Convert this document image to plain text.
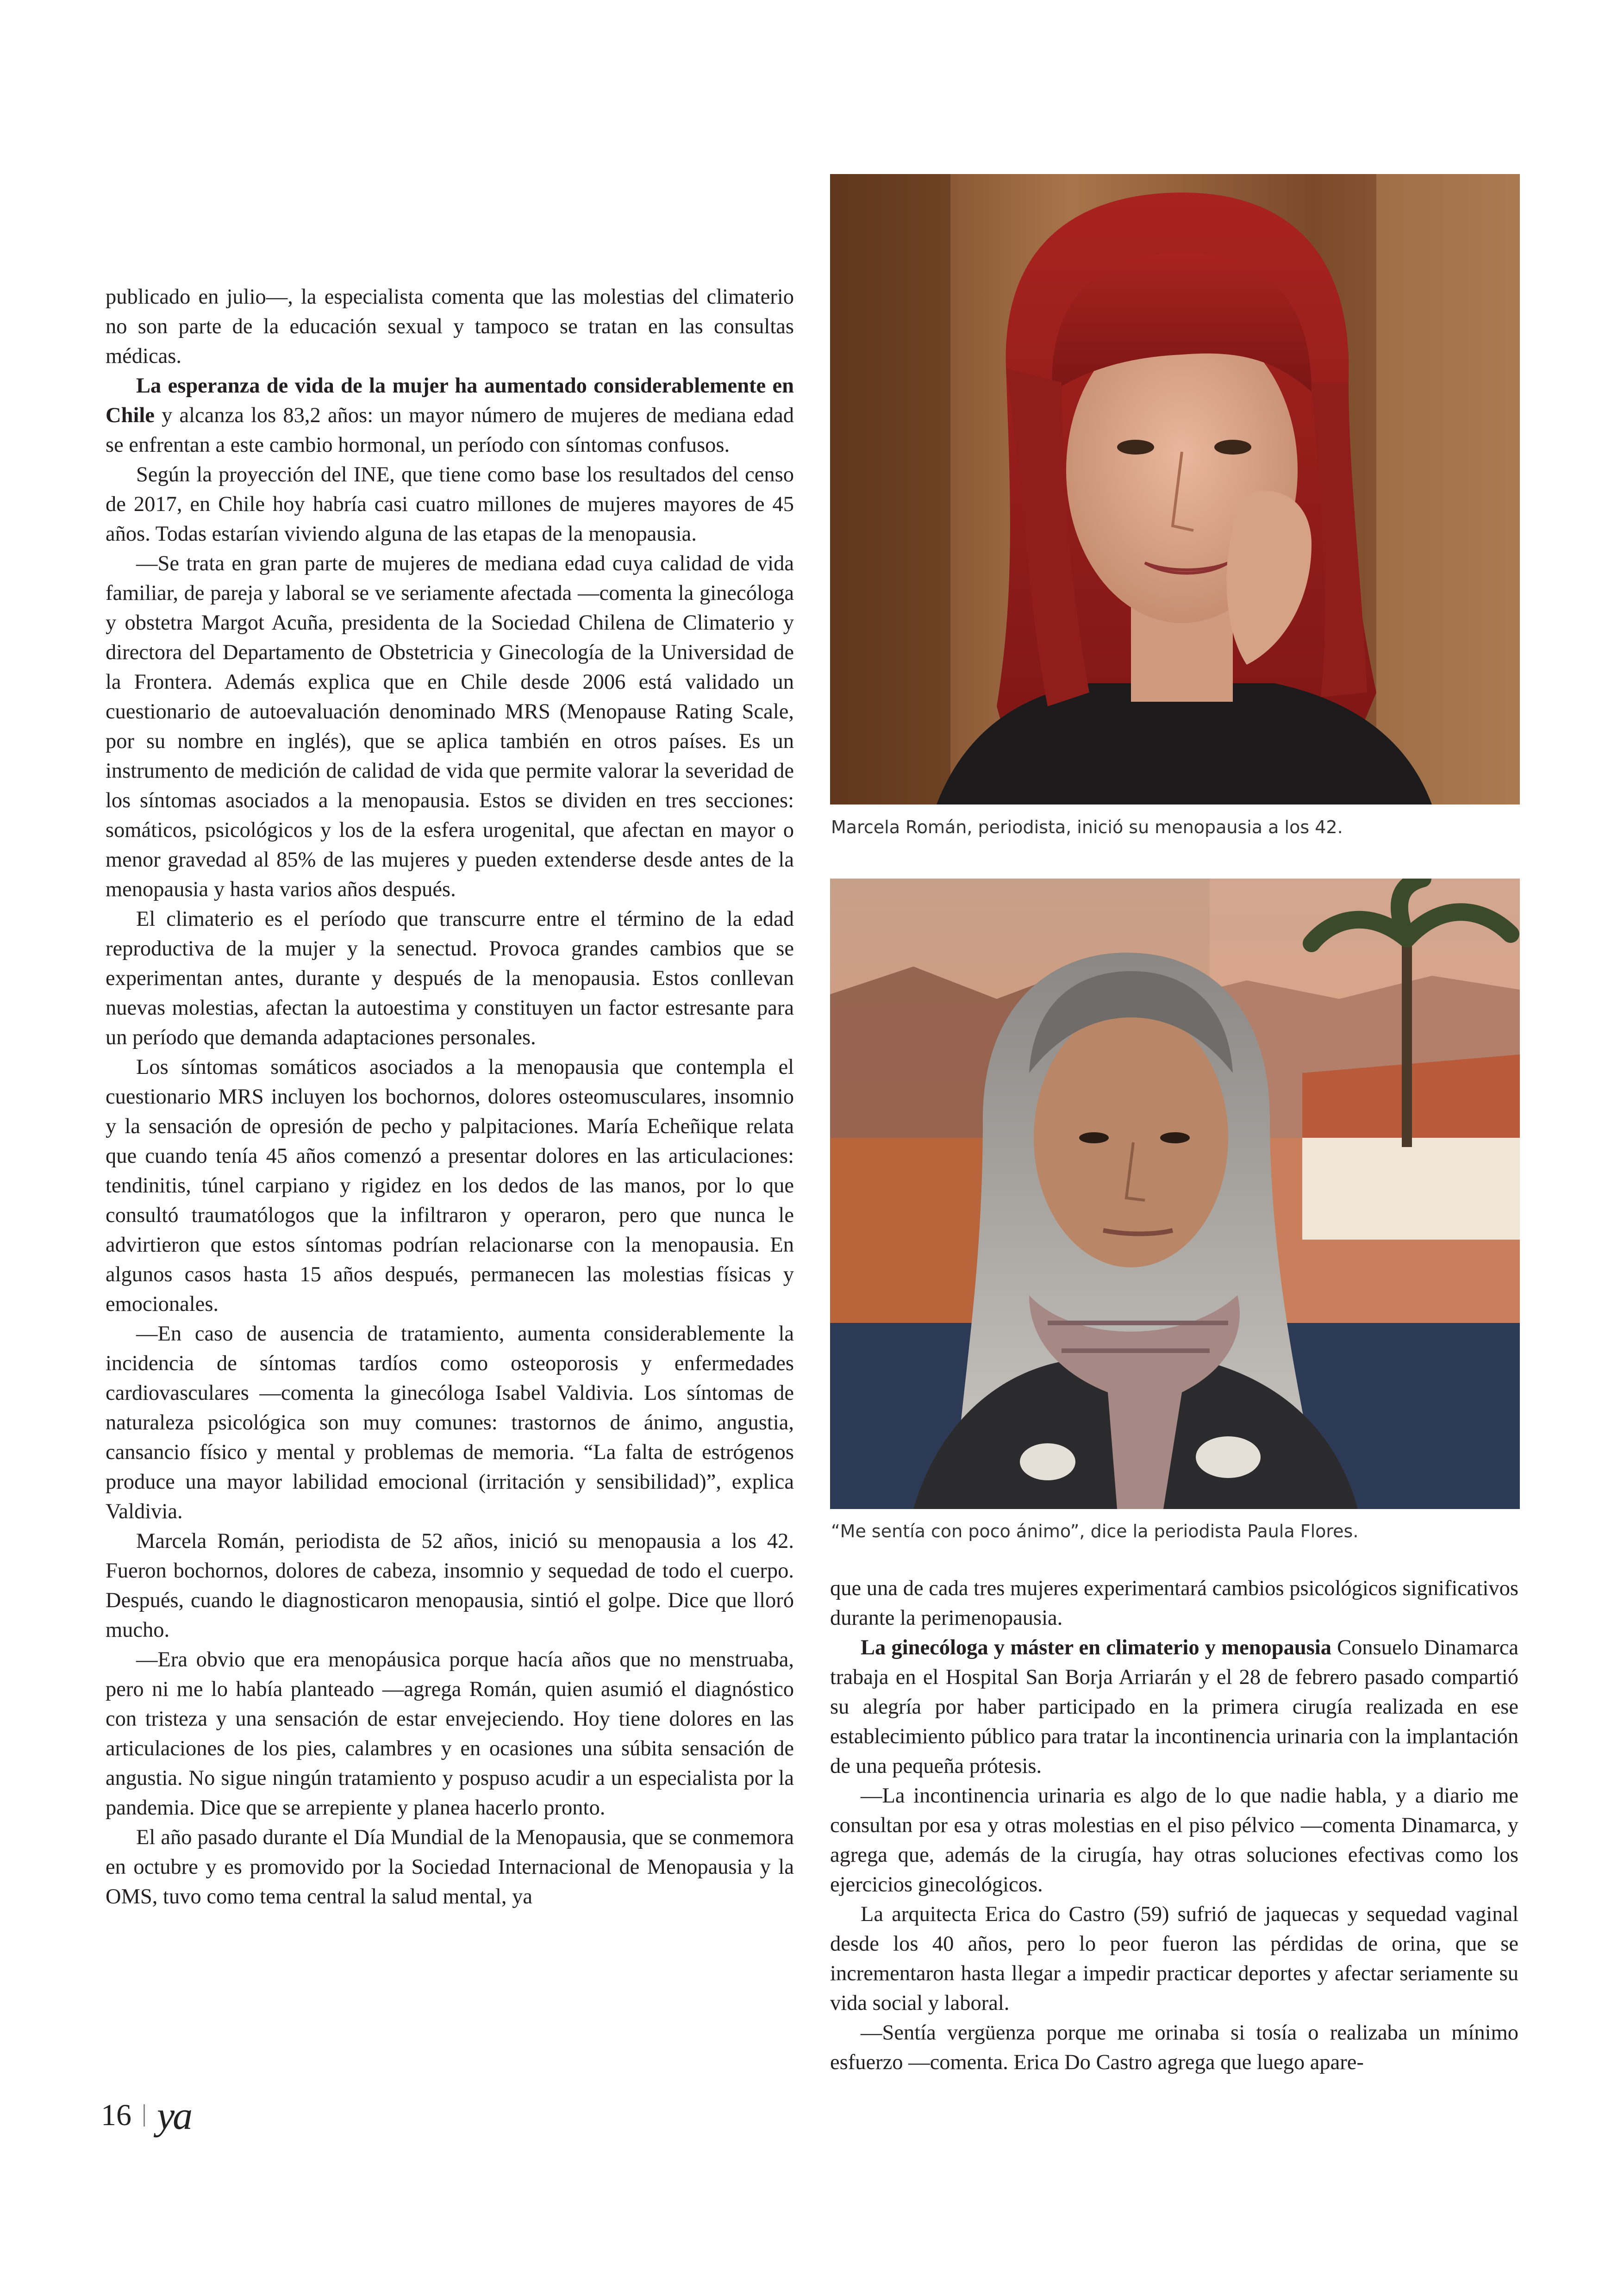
publicado en julio—, la especialista comenta que las molestias del climaterio no son parte de la educación sexual y tampoco se tratan en las consultas médicas.

La esperanza de vida de la mujer ha aumentado considerablemente en Chile y alcanza los 83,2 años: un mayor número de mujeres de mediana edad se enfrentan a este cambio hormonal, un período con síntomas confusos.

Según la proyección del INE, que tiene como base los resultados del censo de 2017, en Chile hoy habría casi cuatro millones de mujeres mayores de 45 años. Todas estarían viviendo alguna de las etapas de la menopausia.

—Se trata en gran parte de mujeres de mediana edad cuya calidad de vida familiar, de pareja y laboral se ve seriamente afectada —comenta la ginecóloga y obstetra Margot Acuña, presidenta de la Sociedad Chilena de Climaterio y directora del Departamento de Obstetricia y Ginecología de la Universidad de la Frontera. Además explica que en Chile desde 2006 está validado un cuestionario de autoevaluación denominado MRS (Menopause Rating Scale, por su nombre en inglés), que se aplica también en otros países. Es un instrumento de medición de calidad de vida que permite valorar la severidad de los síntomas asociados a la menopausia. Estos se dividen en tres secciones: somáticos, psicológicos y los de la esfera urogenital, que afectan en mayor o menor gravedad al 85% de las mujeres y pueden extenderse desde antes de la menopausia y hasta varios años después.

El climaterio es el período que transcurre entre el término de la edad reproductiva de la mujer y la senectud. Provoca grandes cambios que se experimentan antes, durante y después de la menopausia. Estos conllevan nuevas molestias, afectan la autoestima y constituyen un factor estresante para un período que demanda adaptaciones personales.

Los síntomas somáticos asociados a la menopausia que contempla el cuestionario MRS incluyen los bochornos, dolores osteomusculares, insomnio y la sensación de opresión de pecho y palpitaciones. María Echeñique relata que cuando tenía 45 años comenzó a presentar dolores en las articulaciones: tendinitis, túnel carpiano y rigidez en los dedos de las manos, por lo que consultó traumatólogos que la infiltraron y operaron, pero que nunca le advirtieron que estos síntomas podrían relacionarse con la menopausia. En algunos casos hasta 15 años después, permanecen las molestias físicas y emocionales.

—En caso de ausencia de tratamiento, aumenta considerablemente la incidencia de síntomas tardíos como osteoporosis y enfermedades cardiovasculares —comenta la ginecóloga Isabel Valdivia. Los síntomas de naturaleza psicológica son muy comunes: trastornos de ánimo, angustia, cansancio físico y mental y problemas de memoria. “La falta de estrógenos produce una mayor labilidad emocional (irritación y sensibilidad)”, explica Valdivia.

Marcela Román, periodista de 52 años, inició su menopausia a los 42. Fueron bochornos, dolores de cabeza, insomnio y sequedad de todo el cuerpo. Después, cuando le diagnosticaron menopausia, sintió el golpe. Dice que lloró mucho.

—Era obvio que era menopáusica porque hacía años que no menstruaba, pero ni me lo había planteado —agrega Román, quien asumió el diagnóstico con tristeza y una sensación de estar envejeciendo. Hoy tiene dolores en las articulaciones de los pies, calambres y en ocasiones una súbita sensación de angustia. No sigue ningún tratamiento y pospuso acudir a un especialista por la pandemia. Dice que se arrepiente y planea hacerlo pronto.

El año pasado durante el Día Mundial de la Menopausia, que se conmemora en octubre y es promovido por la Sociedad Internacional de Menopausia y la OMS, tuvo como tema central la salud mental, ya

Marcela Román, periodista, inició su menopausia a los 42.
“Me sentía con poco ánimo”, dice la periodista Paula Flores.

que una de cada tres mujeres experimentará cambios psicológicos significativos durante la perimenopausia.

La ginecóloga y máster en climaterio y menopausia Consuelo Dinamarca trabaja en el Hospital San Borja Arriarán y el 28 de febrero pasado compartió su alegría por haber participado en la primera cirugía realizada en ese establecimiento público para tratar la incontinencia urinaria con la implantación de una pequeña prótesis.

—La incontinencia urinaria es algo de lo que nadie habla, y a diario me consultan por esa y otras molestias en el piso pélvico —comenta Dinamarca, y agrega que, además de la cirugía, hay otras soluciones efectivas como los ejercicios ginecológicos.

La arquitecta Erica do Castro (59) sufrió de jaquecas y sequedad vaginal desde los 40 años, pero lo peor fueron las pérdidas de orina, que se incrementaron hasta llegar a impedir practicar deportes y afectar seriamente su vida social y laboral.

—Sentía vergüenza porque me orinaba si tosía o realizaba un mínimo esfuerzo —comenta. Erica Do Castro agrega que luego apare-

16 ya
